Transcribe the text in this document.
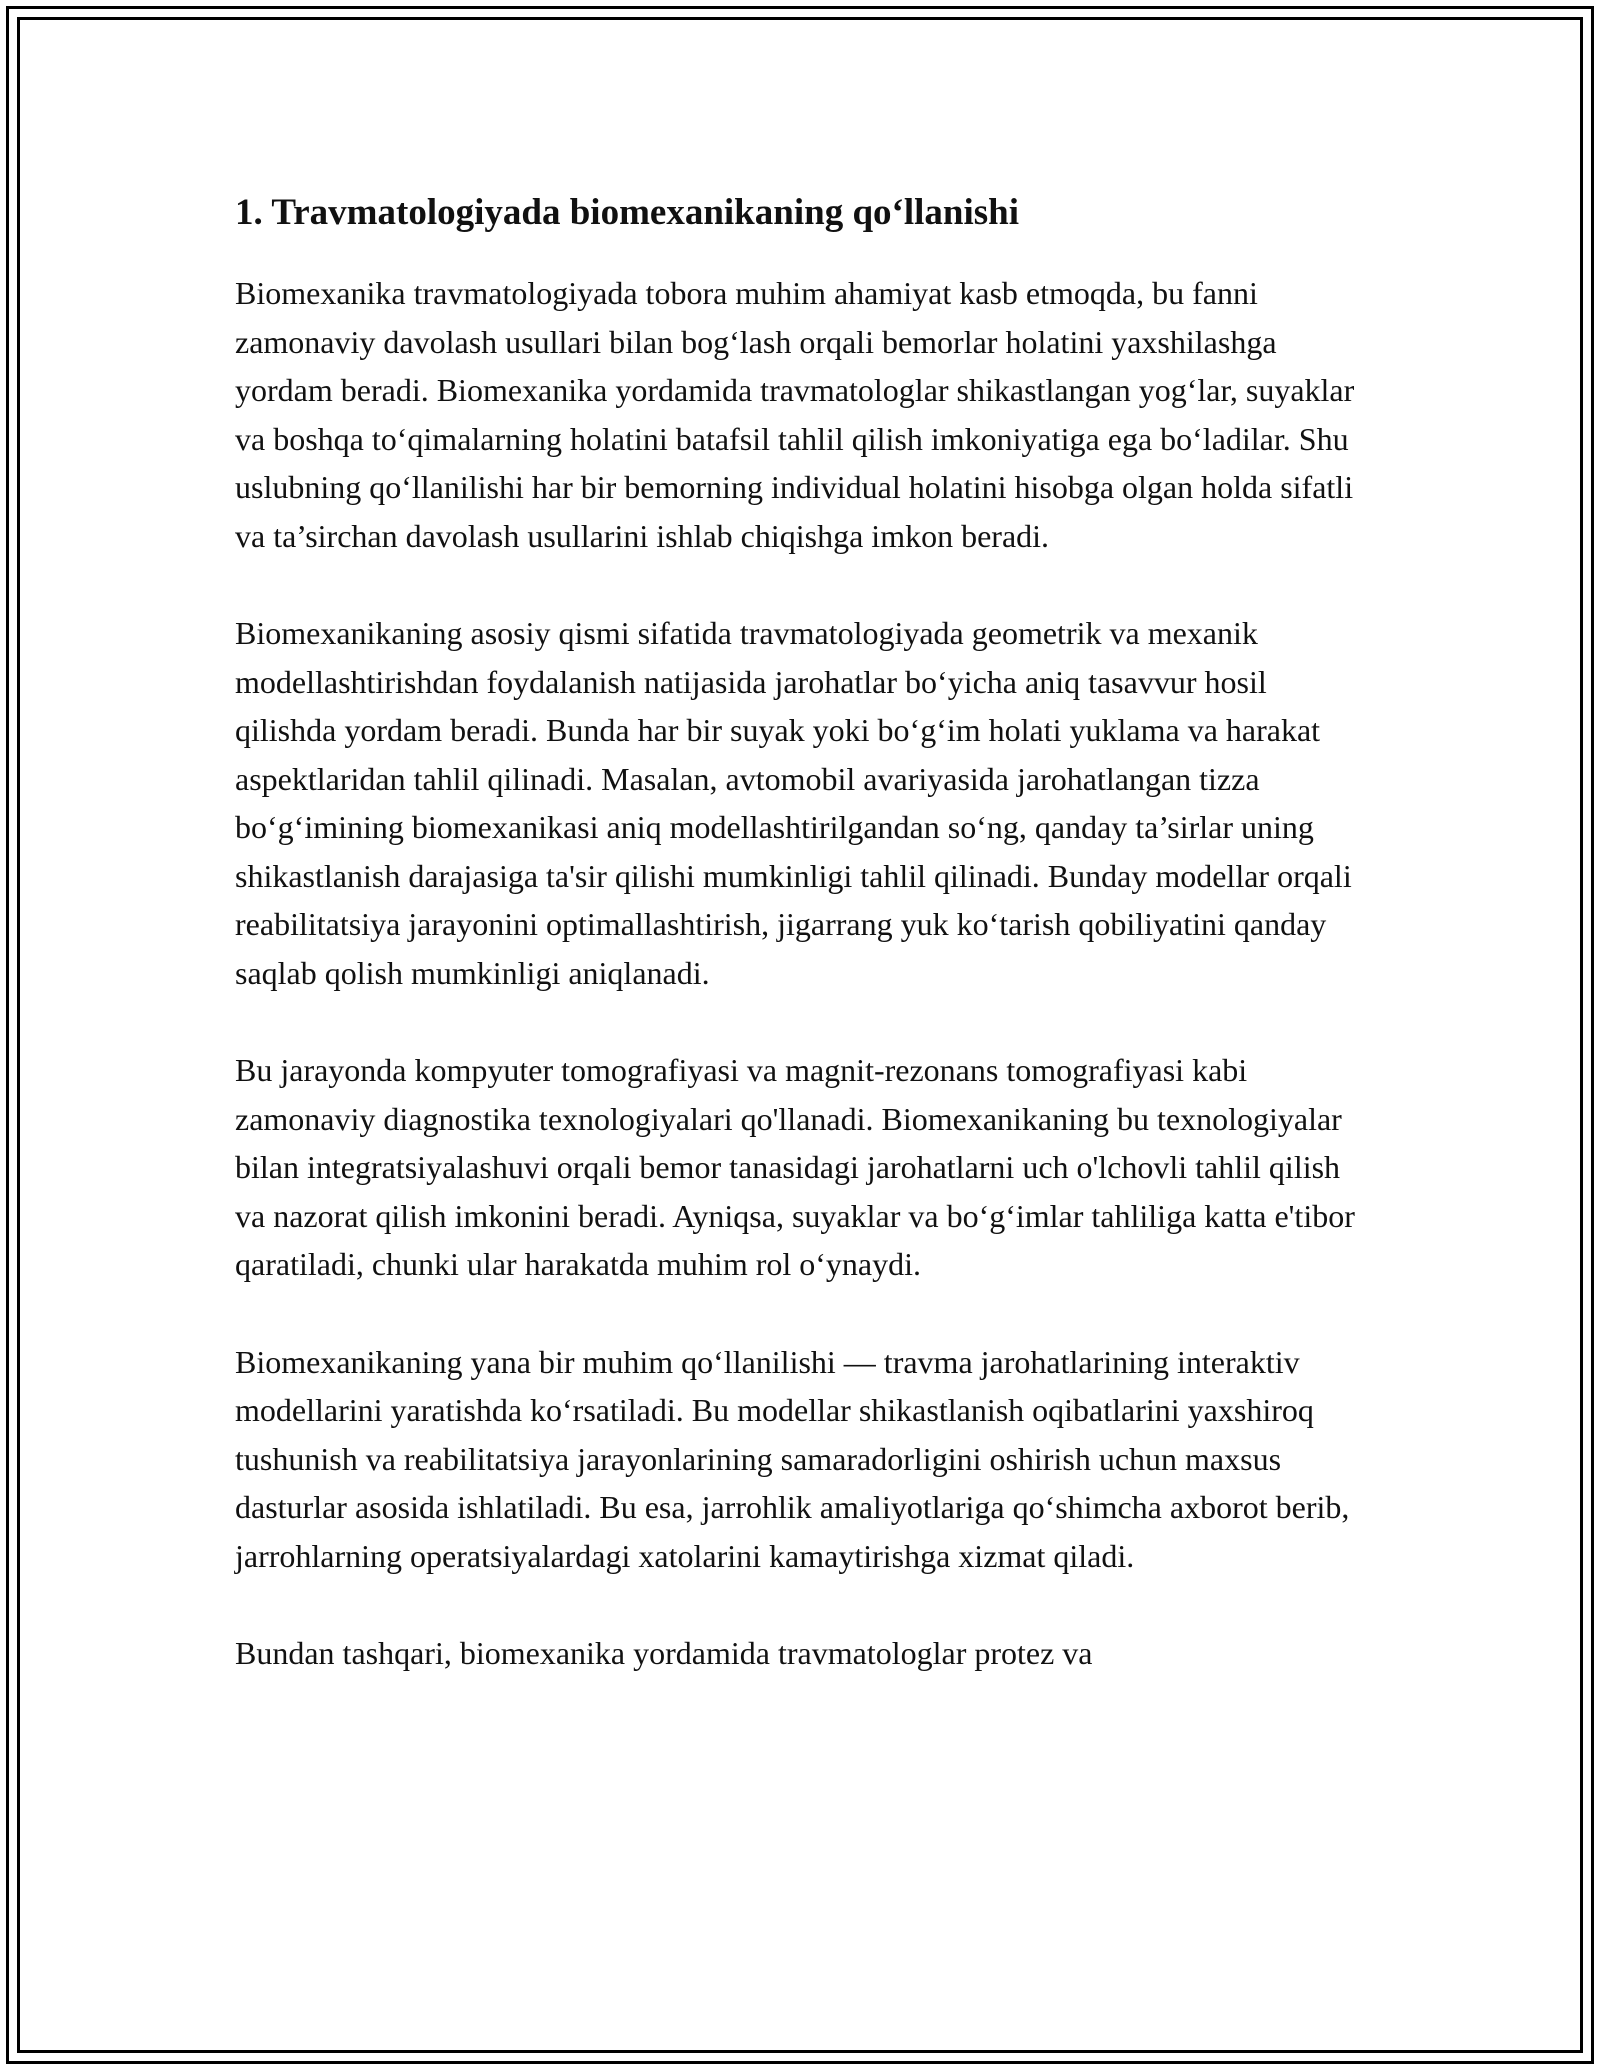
1. Travmatologiyada biomexanikaning qo‘llanishi

Biomexanika travmatologiyada tobora muhim ahamiyat kasb etmoqda, bu fanni zamonaviy davolash usullari bilan bog‘lash orqali bemorlar holatini yaxshilashga yordam beradi. Biomexanika yordamida travmatologlar shikastlangan yog‘lar, suyaklar va boshqa to‘qimalarning holatini batafsil tahlil qilish imkoniyatiga ega bo‘ladilar. Shu uslubning qo‘llanilishi har bir bemorning individual holatini hisobga olgan holda sifatli va ta’sirchan davolash usullarini ishlab chiqishga imkon beradi.

Biomexanikaning asosiy qismi sifatida travmatologiyada geometrik va mexanik modellashtirishdan foydalanish natijasida jarohatlar bo‘yicha aniq tasavvur hosil qilishda yordam beradi. Bunda har bir suyak yoki bo‘g‘im holati yuklama va harakat aspektlaridan tahlil qilinadi. Masalan, avtomobil avariyasida jarohatlangan tizza bo‘g‘imining biomexanikasi aniq modellashtirilgandan so‘ng, qanday ta’sirlar uning shikastlanish darajasiga ta'sir qilishi mumkinligi tahlil qilinadi. Bunday modellar orqali reabilitatsiya jarayonini optimallashtirish, jigarrang yuk ko‘tarish qobiliyatini qanday saqlab qolish mumkinligi aniqlanadi.

Bu jarayonda kompyuter tomografiyasi va magnit-rezonans tomografiyasi kabi zamonaviy diagnostika texnologiyalari qo'llanadi. Biomexanikaning bu texnologiyalar bilan integratsiyalashuvi orqali bemor tanasidagi jarohatlarni uch o'lchovli tahlil qilish va nazorat qilish imkonini beradi. Ayniqsa, suyaklar va bo‘g‘imlar tahliliga katta e'tibor qaratiladi, chunki ular harakatda muhim rol o‘ynaydi.

Biomexanikaning yana bir muhim qo‘llanilishi — travma jarohatlarining interaktiv modellarini yaratishda ko‘rsatiladi. Bu modellar shikastlanish oqibatlarini yaxshiroq tushunish va reabilitatsiya jarayonlarining samaradorligini oshirish uchun maxsus dasturlar asosida ishlatiladi. Bu esa, jarrohlik amaliyotlariga qo‘shimcha axborot berib, jarrohlarning operatsiyalardagi xatolarini kamaytirishga xizmat qiladi.

Bundan tashqari, biomexanika yordamida travmatologlar protez va
